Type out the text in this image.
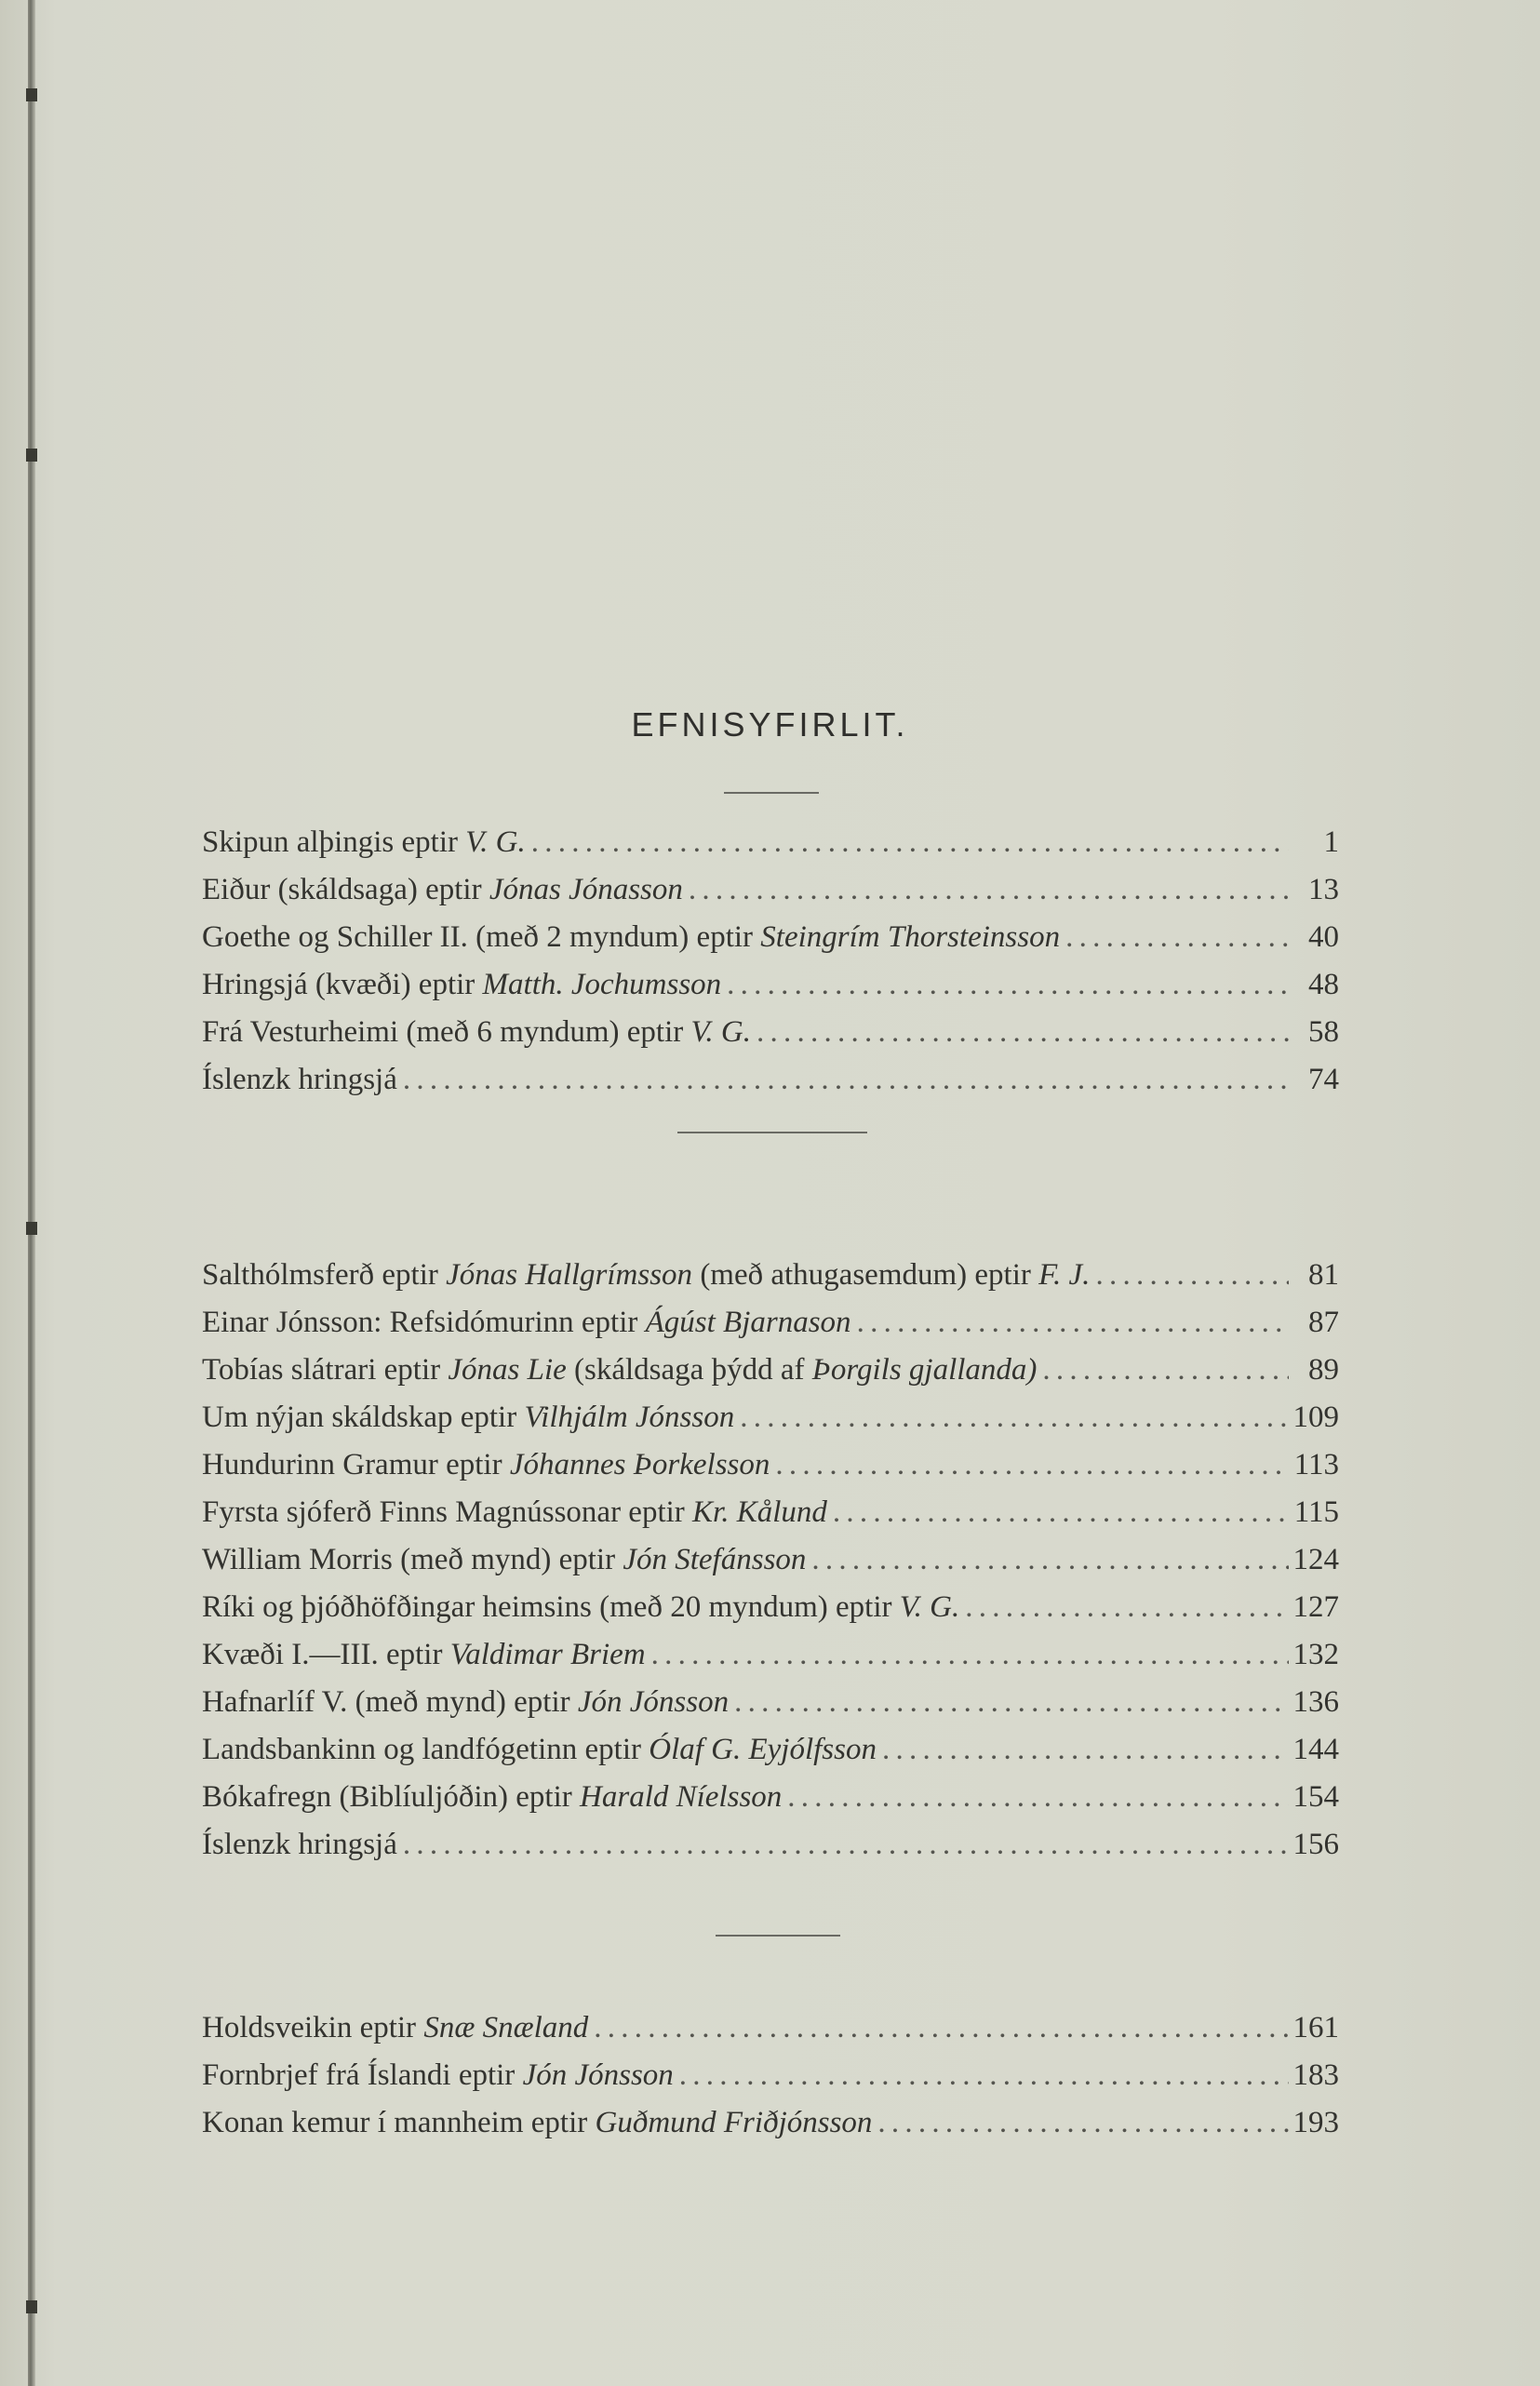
EFNISYFIRLIT.
Skipun alþingis eptir V. G. . . .	1
Eiður (skáldsaga) eptir Jónas Jónasson . . .	13
Goethe og Schiller II. (með 2 myndum) eptir Steingrím Thorsteinsson . . .	40
Hringsjá (kvæði) eptir Matth. Jochumsson . . .	48
Frá Vesturheimi (með 6 myndum) eptir V. G. . . .	58
Íslenzk hringsjá . . .	74
Salthólmsferð eptir Jónas Hallgrímsson (með athugasemdum) eptir F. J. . . .	81
Einar Jónsson: Refsidómurinn eptir Ágúst Bjarnason . . .	87
Tobías slátrari eptir Jónas Lie (skáldsaga þýdd af Þorgils gjallanda) . . .	89
Um nýjan skáldskap eptir Vilhjálm Jónsson . . .	109
Hundurinn Gramur eptir Jóhannes Þorkelsson . . .	113
Fyrsta sjóferð Finns Magnússonar eptir Kr. Kålund . . .	115
William Morris (með mynd) eptir Jón Stefánsson . . .	124
Ríki og þjóðhöfðingar heimsins (með 20 myndum) eptir V. G. . . .	127
Kvæði I.—III. eptir Valdimar Briem . . .	132
Hafnarlíf V. (með mynd) eptir Jón Jónsson . . .	136
Landsbankinn og landfógetinn eptir Ólaf G. Eyjólfsson . . .	144
Bókafregn (Biblíuljóðin) eptir Harald Níelsson . . .	154
Íslenzk hringsjá . . .	156
Holdsveikin eptir Snæ Snæland . . .	161
Fornbrjef frá Íslandi eptir Jón Jónsson . . .	183
Konan kemur í mannheim eptir Guðmund Friðjónsson . . .	193
